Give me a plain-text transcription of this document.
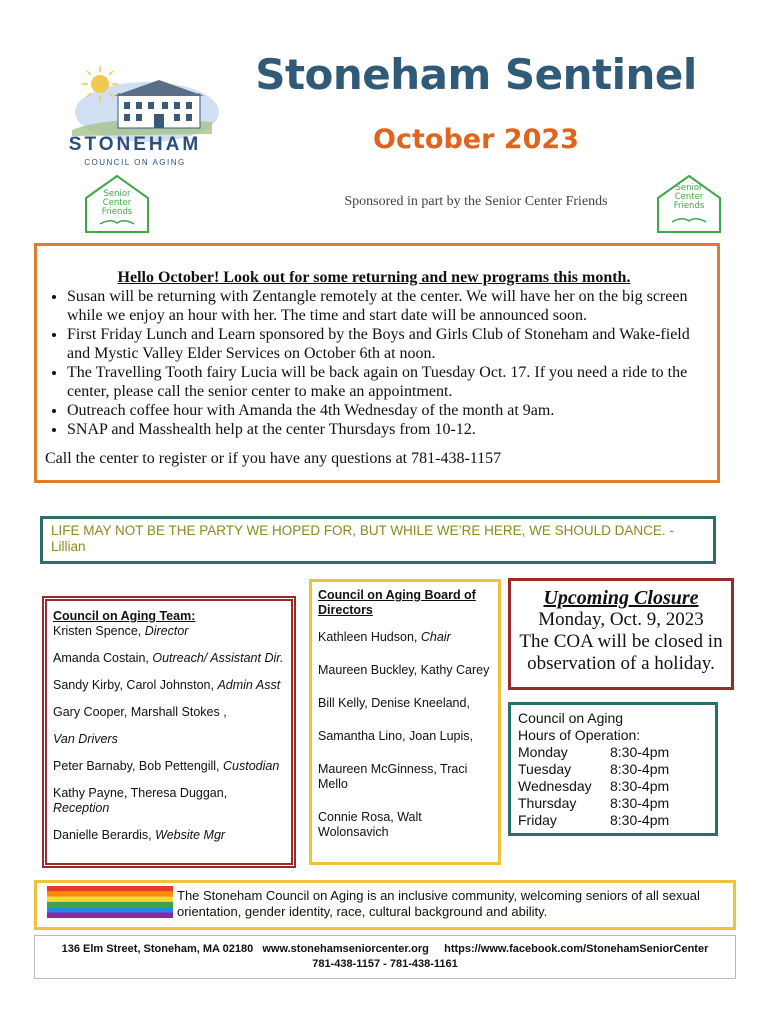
STONEHAM
COUNCIL ON AGING
Stoneham Sentinel
October 2023
Sponsored in part by the Senior Center Friends
Senior
Center
Friends
Senior
Center
Friends
Hello October! Look out for some returning and new programs this month.
• Susan will be returning with Zentangle remotely at the center. We will have her on the big screen while we enjoy an hour with her. The time and start date will be announced soon.
• First Friday Lunch and Learn sponsored by the Boys and Girls Club of Stoneham and Wake-field and Mystic Valley Elder Services on October 6th at noon.
• The Travelling Tooth fairy Lucia will be back again on Tuesday Oct. 17. If you need a ride to the center, please call the senior center to make an appointment.
• Outreach coffee hour with Amanda the 4th Wednesday of the month at 9am.
• SNAP and Masshealth help at the center Thursdays from 10-12.
Call the center to register or if you have any questions at 781-438-1157
LIFE MAY NOT BE THE PARTY WE HOPED FOR, BUT WHILE WE’RE HERE, WE SHOULD DANCE. - Lillian
Council on Aging Team:

Kristen Spence, Director

Amanda Costain, Outreach/ Assistant Dir.

Sandy Kirby, Carol Johnston, Admin Asst

Gary Cooper, Marshall Stokes ,

Van Drivers

Peter Barnaby, Bob Pettengill, Custodian

Kathy Payne, Theresa Duggan, Reception

Danielle Berardis, Website Mgr

Council on Aging Board of Directors

Kathleen Hudson, Chair

Maureen Buckley, Kathy Carey

Bill Kelly, Denise Kneeland,

Samantha Lino, Joan Lupis,

Maureen McGinness, Traci Mello

Connie Rosa, Walt Wolonsavich

Upcoming Closure
Monday, Oct. 9, 2023
The COA will be closed in observation of a holiday.
Council on Aging
Hours of Operation:
Monday	8:30-4pm
Tuesday	8:30-4pm
Wednesday	8:30-4pm
Thursday	8:30-4pm
Friday	8:30-4pm
The Stoneham Council on Aging is an inclusive community, welcoming seniors of all sexual orientation, gender identity, race, cultural background and ability.
136 Elm Street, Stoneham, MA 02180 www.stonehamseniorcenter.org https://www.facebook.com/StonehamSeniorCenter
781-438-1157 - 781-438-1161
